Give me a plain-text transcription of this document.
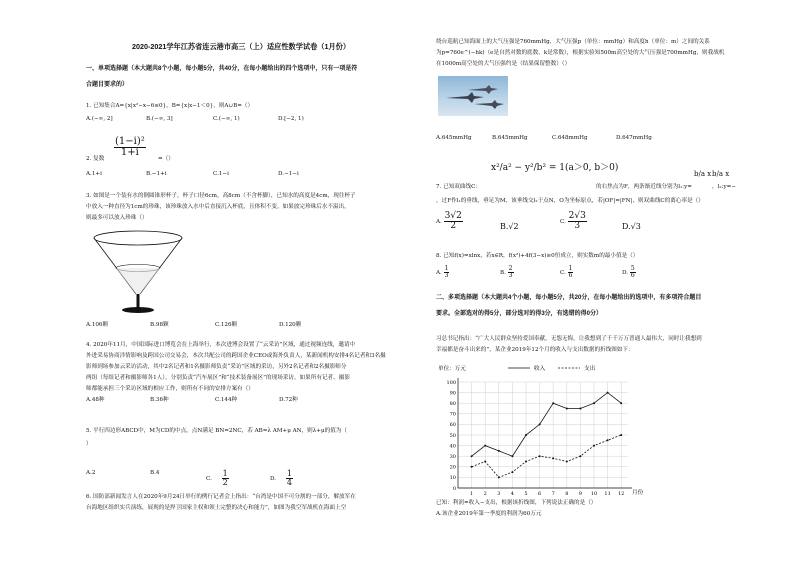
2020-2021学年江苏省连云港市高三（上）适应性数学试卷（1月份）
一、单项选择题（本大题共8个小题，每小题5分，共40分，在每小题给出的四个选项中，只有一项是符
合题目要求的）
1. 已知集合A={x|x²−x−6≤0}，B={x|x−1＜0}，则A∪B=（）
A.(−∞, 2]	B.(−∞, 3]	C.(−∞, 1)	D.[−2, 1)
2. 复数
$\frac{\text{(1−i)²}}{1+i}$
=（）
A.1+i	B.−1+i	C.1−i	D.−1−i
3. 如图是一个装有水的倒圆锥形杯子，杯子口径6cm，高8cm（不含杯脚），已知水的高度是4cm，现往杯子
中放入一种直径为1cm的珍珠，该珍珠放入水中后直接沉入杯底，且体积不变。如果放完珍珠后水不溢出，
则最多可以放入珍珠（）
A.106颗	B.98颗	C.126颗	D.120颗
4. 2020年11月，中国国际进口博览会在上海举行，本次进博会设置了“云采访”区域，通过视频连线，邀请中
外进采易协商涉情影响及跨国公司交易会，本次共配公司的跨国企业CEO或海外负责人，某新闻机构安排4名记者和3名摄
影师到场参加云采访活动，其中2名记者和1名摄影师负责“采访”区域的采访，另外2名记者和2名摄影师分
两组（每组记者和摄影师各1人），分别负责“汽车展区”和“技术装备展区”的现场采访。如果所有记者、摄影
师都能承担三个采访区域的相应工作，则所有不同的安排方案有（）
A.48种	B.36种	C.144种	D.72种
5. 平行四边形ABCD中，M为CD的中点，点N满足 BN=2NC，若 AB=λ AM+μ AN，则λ+μ的值为（
）
A.2	B.4
C. $\frac{1}{2}$	D. $\frac{1}{4}$
6. 国防部新闻发言人在2020年9月24日举行的例行记者会上指出：“台湾是中国不可分割的一部分，解放军在
台海地区组织实兵演练，展现的是捍卫国家主权和领土完整的决心和能力”，如图为我空军战机在海面上空
绕台巡航已知海面上的大气压强是760mmHg，大气压强p（单位：mmHg）和高度h（单位：m）之间的关系
为p=760e^(−hk)（e是自然对数的底数，k是常数），根据实验知500m高空处的大气压强是700mmHg，则我战机
在1000m高空处的大气压强约是（结果保留整数）（）
A.645mmHg	B.645mmHg	C.648mmHg	D.647mmHg
7. 已知双曲线C：
x²/a² − y²/b² = 1(a＞0, b＞0)
的右焦点为F，两条渐近线分别为l₁:y=
b/a x
，l₂:y=−
b/a x
，过F作l₁的垂线，垂足为M，该垂线交l₂于点N，O为坐标原点，若|OF|=|FN|，则双曲线C的离心率是（）
A. $\frac{3√2}{2}$	B.√2	C. $\frac{2√3}{3}$	D.√3
8. 已知f(x)=xlnx，若x∈R，f(x²)+4f(3−x)≥0恒成立，则实数m的最小值是（）
A. $\frac{1}{3}$	B. $\frac{2}{3}$	C. $\frac{1}{6}$	D. $\frac{5}{6}$
二、多项选择题（本大题共4个小题，每小题5分，共20分，在每小题给出的选项中，有多项符合题目
要求。全部选对的得5分，部分选对的得3分，有选错的得0分）
习总书记指出：“广大人民群众坚持爱国奉献，无怨无悔，让我想到了千千万万普通人最伟大，同时让我想到
幸福都是奋斗出来的”，某企业2019年12个月的收入与支出数据的折线图如下：
单位：万元	收入	支出
0
10
20
30
40
50
60
70
80
90
100
1 2 3 4 5 6 7 8 9 10 11 12 月份
已知：利润=收入−支出，根据该折线图，下列说法正确的是（）
A.该企业2019年第一季度的利润为60万元
